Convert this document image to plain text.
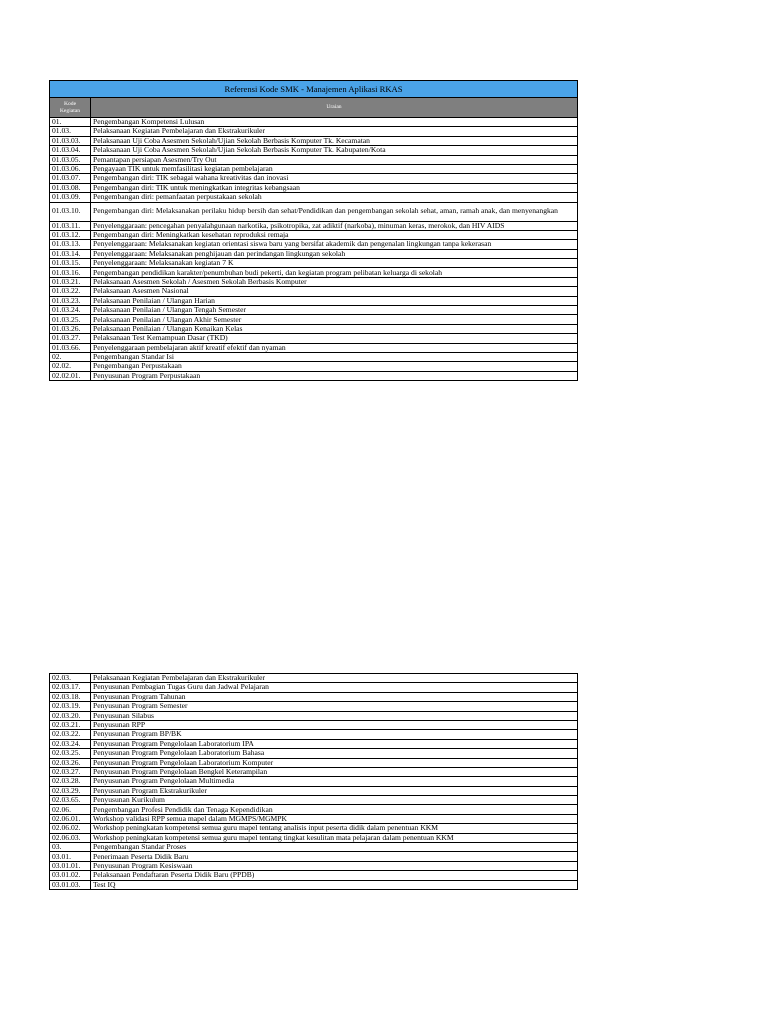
Referensi Kode SMK - Manajemen Aplikasi RKAS	
Kode
Kegiatan	Uraian
01.	Pengembangan Kompetensi Lulusan
01.03.	Pelaksanaan Kegiatan Pembelajaran dan Ekstrakurikuler
01.03.03.	Pelaksanaan Uji Coba Asesmen Sekolah/Ujian Sekolah Berbasis Komputer Tk. Kecamatan
01.03.04.	Pelaksanaan Uji Coba Asesmen Sekolah/Ujian Sekolah Berbasis Komputer Tk. Kabupaten/Kota
01.03.05.	Pemantapan persiapan Asesmen/Try Out
01.03.06.	Pengayaan TIK untuk memfasilitasi kegiatan pembelajaran
01.03.07.	Pengembangan diri: TIK sebagai wahana kreativitas dan inovasi
01.03.08.	Pengembangan diri: TIK untuk meningkatkan integritas kebangsaan
01.03.09.	Pengembangan diri: pemanfaatan perpustakaan sekolah
01.03.10.	Pengembangan diri: Melaksanakan perilaku hidup bersih dan sehat/Pendidikan dan pengembangan sekolah sehat, aman, ramah anak, dan menyenangkan
01.03.11.	Penyelenggaraan: pencegahan penyalahgunaan narkotika, psikotropika, zat adiktif (narkoba), minuman keras, merokok, dan HIV AIDS
01.03.12.	Pengembangan diri: Meningkatkan kesehatan reproduksi remaja
01.03.13.	Penyelenggaraan: Melaksanakan kegiatan orientasi siswa baru yang bersifat akademik dan pengenalan lingkungan tanpa kekerasan
01.03.14.	Penyelenggaraan: Melaksanakan penghijauan dan perindangan lingkungan sekolah
01.03.15.	Penyelenggaraan: Melaksanakan kegiatan 7 K
01.03.16.	Pengembangan pendidikan karakter/penumbuhan budi pekerti, dan kegiatan program pelibatan keluarga di sekolah
01.03.21.	Pelaksanaan Asesmen Sekolah / Asesmen Sekolah Berbasis Komputer
01.03.22.	Pelaksanaan Asesmen Nasional
01.03.23.	Pelaksanaan Penilaian / Ulangan Harian
01.03.24.	Pelaksanaan Penilaian / Ulangan Tengah Semester
01.03.25.	Pelaksanaan Penilaian / Ulangan Akhir Semester
01.03.26.	Pelaksanaan Penilaian / Ulangan Kenaikan Kelas
01.03.27.	Pelaksanaan Test Kemampuan Dasar (TKD)
01.03.66.	Penyelenggaraan pembelajaran aktif kreatif efektif dan nyaman
02.	Pengembangan Standar Isi
02.02.	Pengembangan Perpustakaan
02.02.01.	Penyusunan Program Perpustakaan
02.03.	Pelaksanaan Kegiatan Pembelajaran dan Ekstrakurikuler
02.03.17.	Penyusunan Pembagian Tugas Guru dan Jadwal Pelajaran
02.03.18.	Penyusunan Program Tahunan
02.03.19.	Penyusunan Program Semester
02.03.20.	Penyusunan Silabus
02.03.21.	Penyusunan RPP
02.03.22.	Penyusunan Program BP/BK
02.03.24.	Penyusunan Program Pengelolaan Laboratorium IPA
02.03.25.	Penyusunan Program Pengelolaan Laboratorium Bahasa
02.03.26.	Penyusunan Program Pengelolaan Laboratorium Komputer
02.03.27.	Penyusunan Program Pengelolaan Bengkel Keterampilan
02.03.28.	Penyusunan Program Pengelolaan Multimedia
02.03.29.	Penyusunan Program Ekstrakurikuler
02.03.65.	Penyusunan Kurikulum
02.06.	Pengembangan Profesi Pendidik dan Tenaga Kependidikan
02.06.01.	Workshop validasi RPP semua mapel dalam MGMPS/MGMPK
02.06.02.	Workshop peningkatan kompetensi semua guru mapel tentang analisis input peserta didik dalam penentuan KKM
02.06.03.	Workshop peningkatan kompetensi semua guru mapel tentang tingkat kesulitan mata pelajaran dalam penentuan KKM
03.	Pengembangan Standar Proses
03.01.	Penerimaan Peserta Didik Baru
03.01.01.	Penyusunan Program Kesiswaan
03.01.02.	Pelaksanaan Pendaftaran Peserta Didik Baru (PPDB)
03.01.03.	Test IQ
